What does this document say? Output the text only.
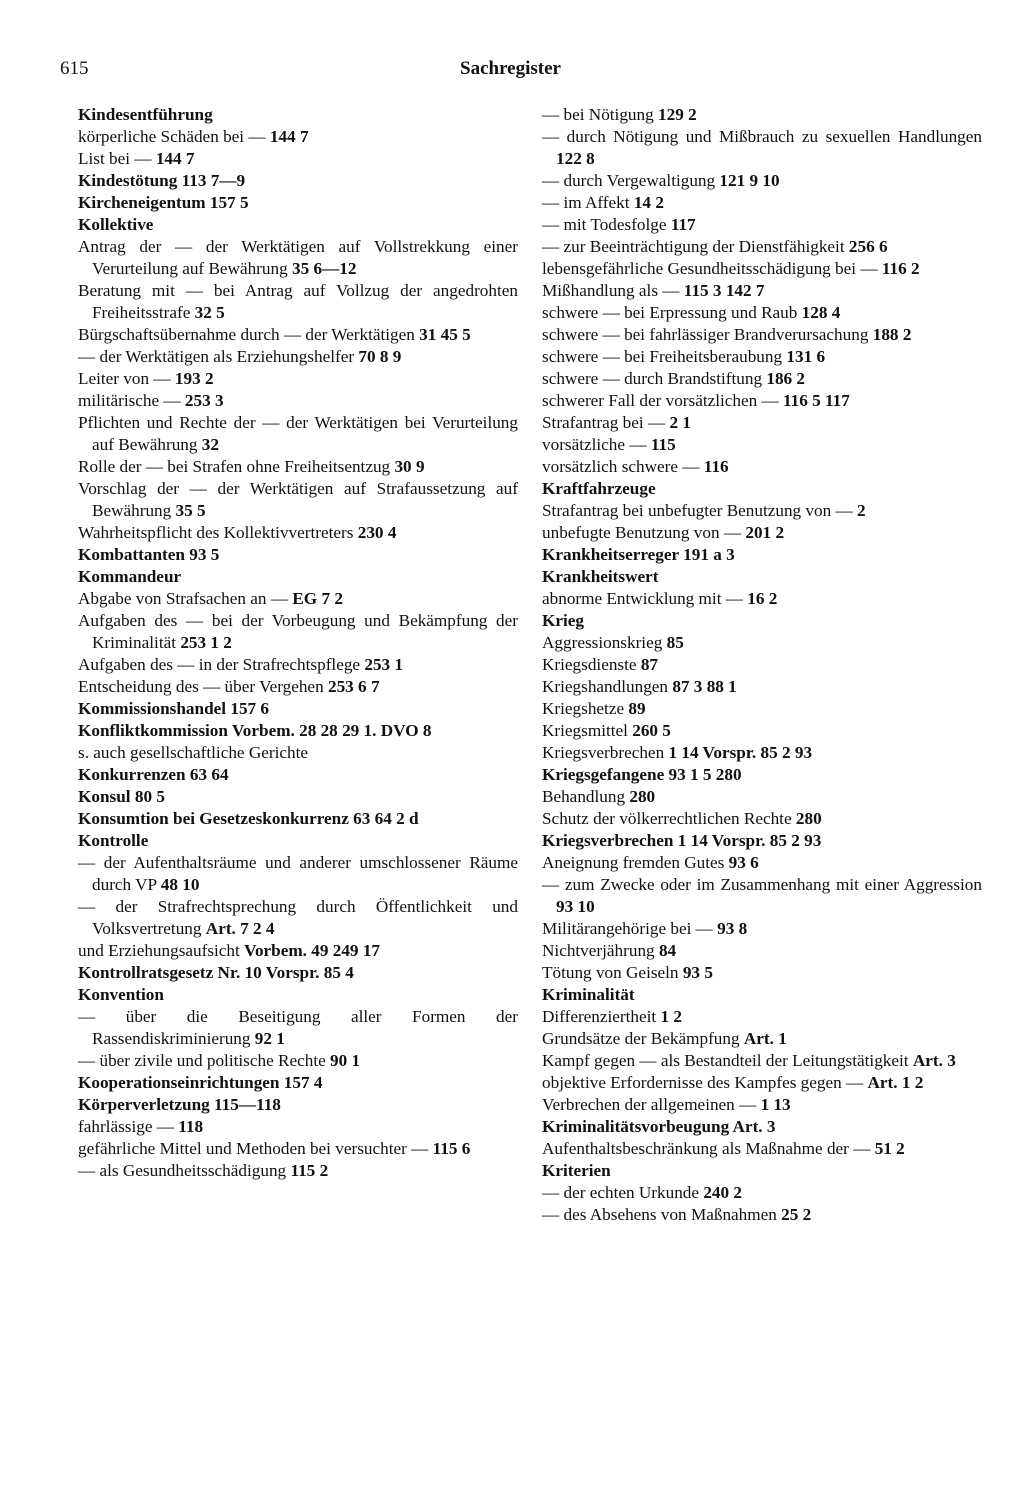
615	Sachregister

Kindesentführung

körperliche Schäden bei — 144 7

List bei — 144 7

Kindestötung 113 7—9

Kircheneigentum 157 5

Kollektive

Antrag der — der Werktätigen auf Vollstrekkung einer Verurteilung auf Bewährung 35 6—12

Beratung mit — bei Antrag auf Vollzug der angedrohten Freiheitsstrafe 32 5

Bürgschaftsübernahme durch — der Werktätigen 31 45 5

— der Werktätigen als Erziehungshelfer 70 8 9

Leiter von — 193 2

militärische — 253 3

Pflichten und Rechte der — der Werktätigen bei Verurteilung auf Bewährung 32

Rolle der — bei Strafen ohne Freiheitsentzug 30 9

Vorschlag der — der Werktätigen auf Strafaussetzung auf Bewährung 35 5

Wahrheitspflicht des Kollektivvertreters 230 4

Kombattanten 93 5

Kommandeur

Abgabe von Strafsachen an — EG 7 2

Aufgaben des — bei der Vorbeugung und Bekämpfung der Kriminalität 253 1 2

Aufgaben des — in der Strafrechtspflege 253 1

Entscheidung des — über Vergehen 253 6 7

Kommissionshandel 157 6

Konfliktkommission Vorbem. 28 28 29 1. DVO 8

s. auch gesellschaftliche Gerichte

Konkurrenzen 63 64

Konsul 80 5

Konsumtion bei Gesetzeskonkurrenz 63 64 2 d

Kontrolle

— der Aufenthaltsräume und anderer umschlossener Räume durch VP 48 10

— der Strafrechtsprechung durch Öffentlichkeit und Volksvertretung Art. 7 2 4

und Erziehungsaufsicht Vorbem. 49 249 17

Kontrollratsgesetz Nr. 10 Vorspr. 85 4

Konvention

— über die Beseitigung aller Formen der Rassendiskriminierung 92 1

— über zivile und politische Rechte 90 1

Kooperationseinrichtungen 157 4

Körperverletzung 115—118

fahrlässige — 118

gefährliche Mittel und Methoden bei versuchter — 115 6

— als Gesundheitsschädigung 115 2

— bei Nötigung 129 2

— durch Nötigung und Mißbrauch zu sexuellen Handlungen 122 8

— durch Vergewaltigung 121 9 10

— im Affekt 14 2

— mit Todesfolge 117

— zur Beeinträchtigung der Dienstfähigkeit 256 6

lebensgefährliche Gesundheitsschädigung bei — 116 2

Mißhandlung als — 115 3 142 7

schwere — bei Erpressung und Raub 128 4

schwere — bei fahrlässiger Brandverursachung 188 2

schwere — bei Freiheitsberaubung 131 6

schwere — durch Brandstiftung 186 2

schwerer Fall der vorsätzlichen — 116 5 117

Strafantrag bei — 2 1

vorsätzliche — 115

vorsätzlich schwere — 116

Kraftfahrzeuge

Strafantrag bei unbefugter Benutzung von — 2

unbefugte Benutzung von — 201 2

Krankheitserreger 191 a 3

Krankheitswert

abnorme Entwicklung mit — 16 2

Krieg

Aggressionskrieg 85

Kriegsdienste 87

Kriegshandlungen 87 3 88 1

Kriegshetze 89

Kriegsmittel 260 5

Kriegsverbrechen 1 14 Vorspr. 85 2 93

Kriegsgefangene 93 1 5 280

Behandlung 280

Schutz der völkerrechtlichen Rechte 280

Kriegsverbrechen 1 14 Vorspr. 85 2 93

Aneignung fremden Gutes 93 6

— zum Zwecke oder im Zusammenhang mit einer Aggression 93 10

Militärangehörige bei — 93 8

Nichtverjährung 84

Tötung von Geiseln 93 5

Kriminalität

Differenziertheit 1 2

Grundsätze der Bekämpfung Art. 1

Kampf gegen — als Bestandteil der Leitungstätigkeit Art. 3

objektive Erfordernisse des Kampfes gegen — Art. 1 2

Verbrechen der allgemeinen — 1 13

Kriminalitätsvorbeugung Art. 3

Aufenthaltsbeschränkung als Maßnahme der — 51 2

Kriterien

— der echten Urkunde 240 2

— des Absehens von Maßnahmen 25 2
